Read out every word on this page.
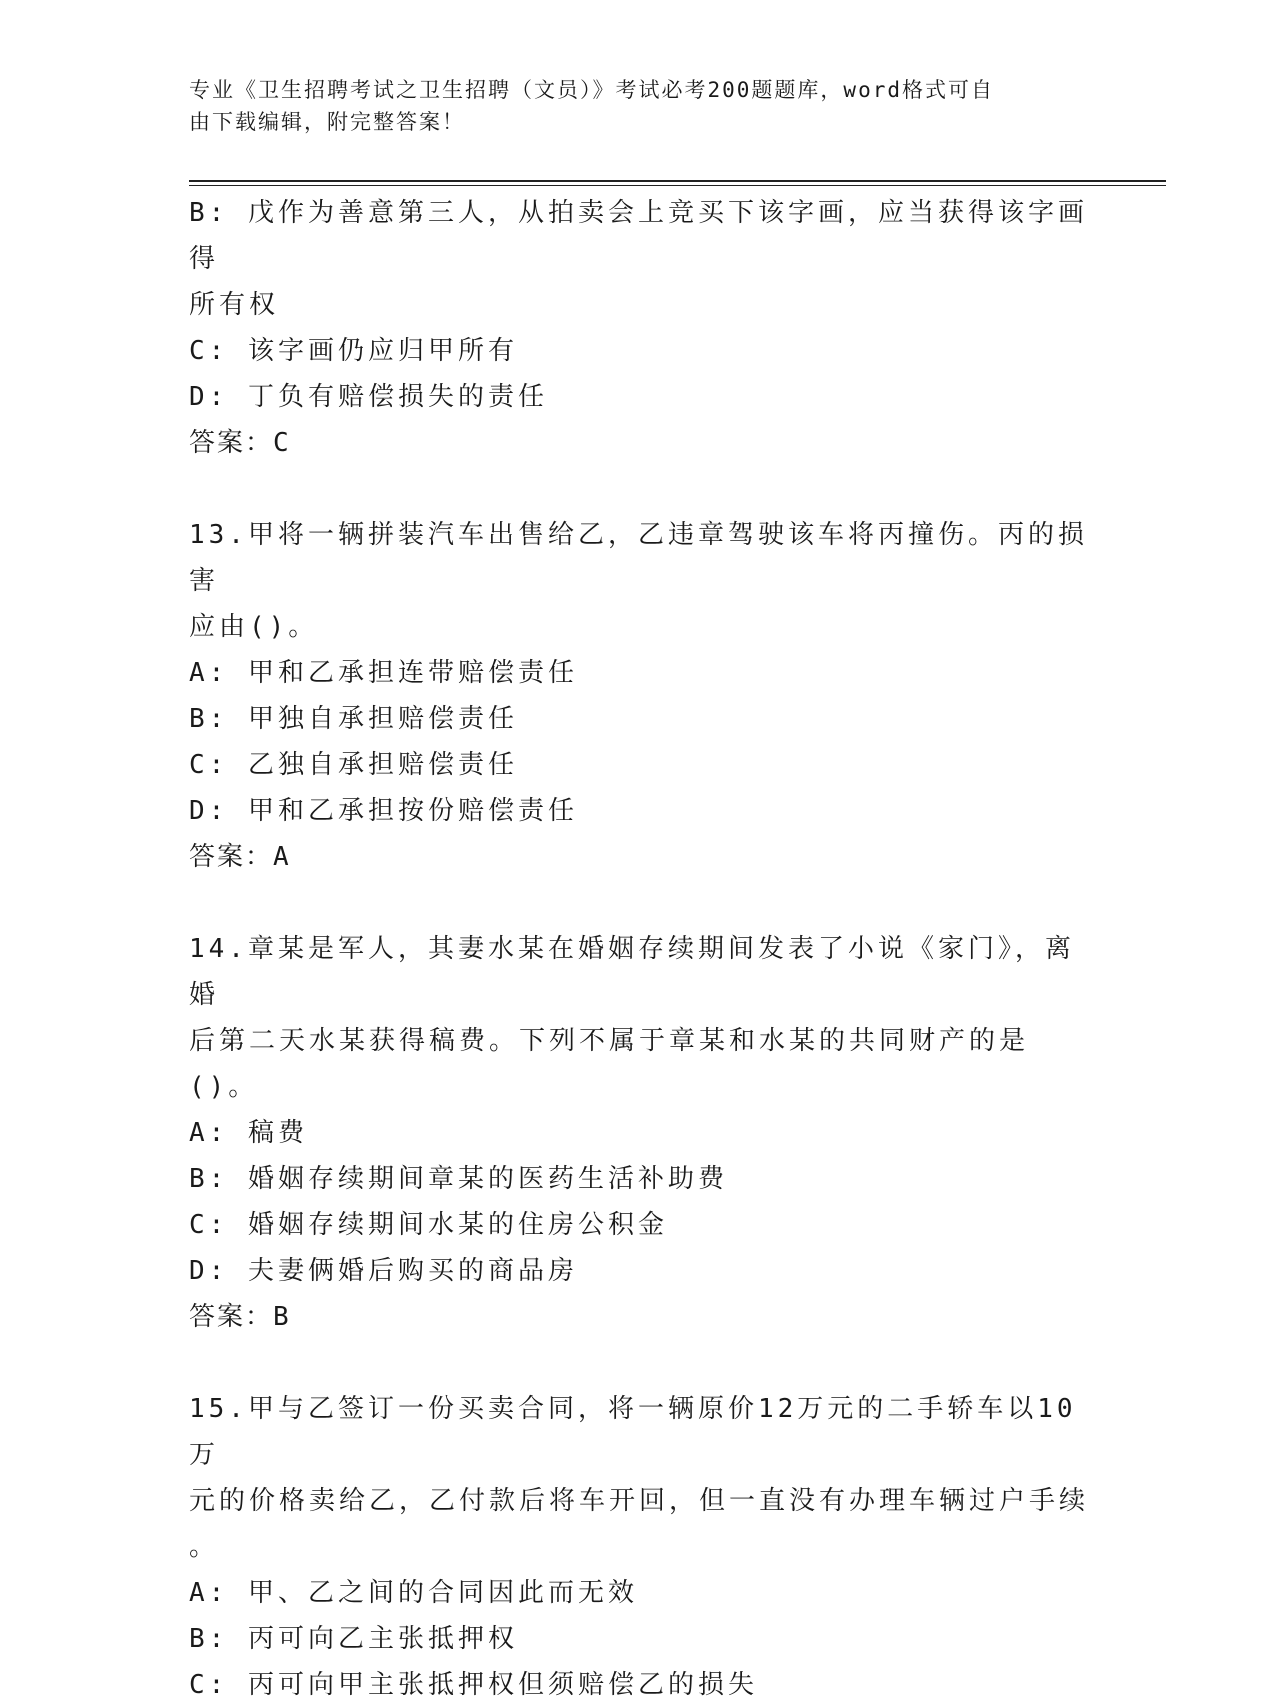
专业《卫生招聘考试之卫生招聘（文员）》考试必考200题题库，word格式可自
由下载编辑，附完整答案！
B: 戊作为善意第三人，从拍卖会上竞买下该字画，应当获得该字画得
所有权
C: 该字画仍应归甲所有
D: 丁负有赔偿损失的责任
答案：C
13.甲将一辆拼装汽车出售给乙，乙违章驾驶该车将丙撞伤。丙的损害
应由()。
A: 甲和乙承担连带赔偿责任
B: 甲独自承担赔偿责任
C: 乙独自承担赔偿责任
D: 甲和乙承担按份赔偿责任
答案：A
14.章某是军人，其妻水某在婚姻存续期间发表了小说《家门》，离婚
后第二天水某获得稿费。下列不属于章某和水某的共同财产的是()。
A: 稿费
B: 婚姻存续期间章某的医药生活补助费
C: 婚姻存续期间水某的住房公积金
D: 夫妻俩婚后购买的商品房
答案：B
15.甲与乙签订一份买卖合同，将一辆原价12万元的二手轿车以10万
元的价格卖给乙，乙付款后将车开回，但一直没有办理车辆过户手续
。
A: 甲、乙之间的合同因此而无效
B: 丙可向乙主张抵押权
C: 丙可向甲主张抵押权但须赔偿乙的损失
